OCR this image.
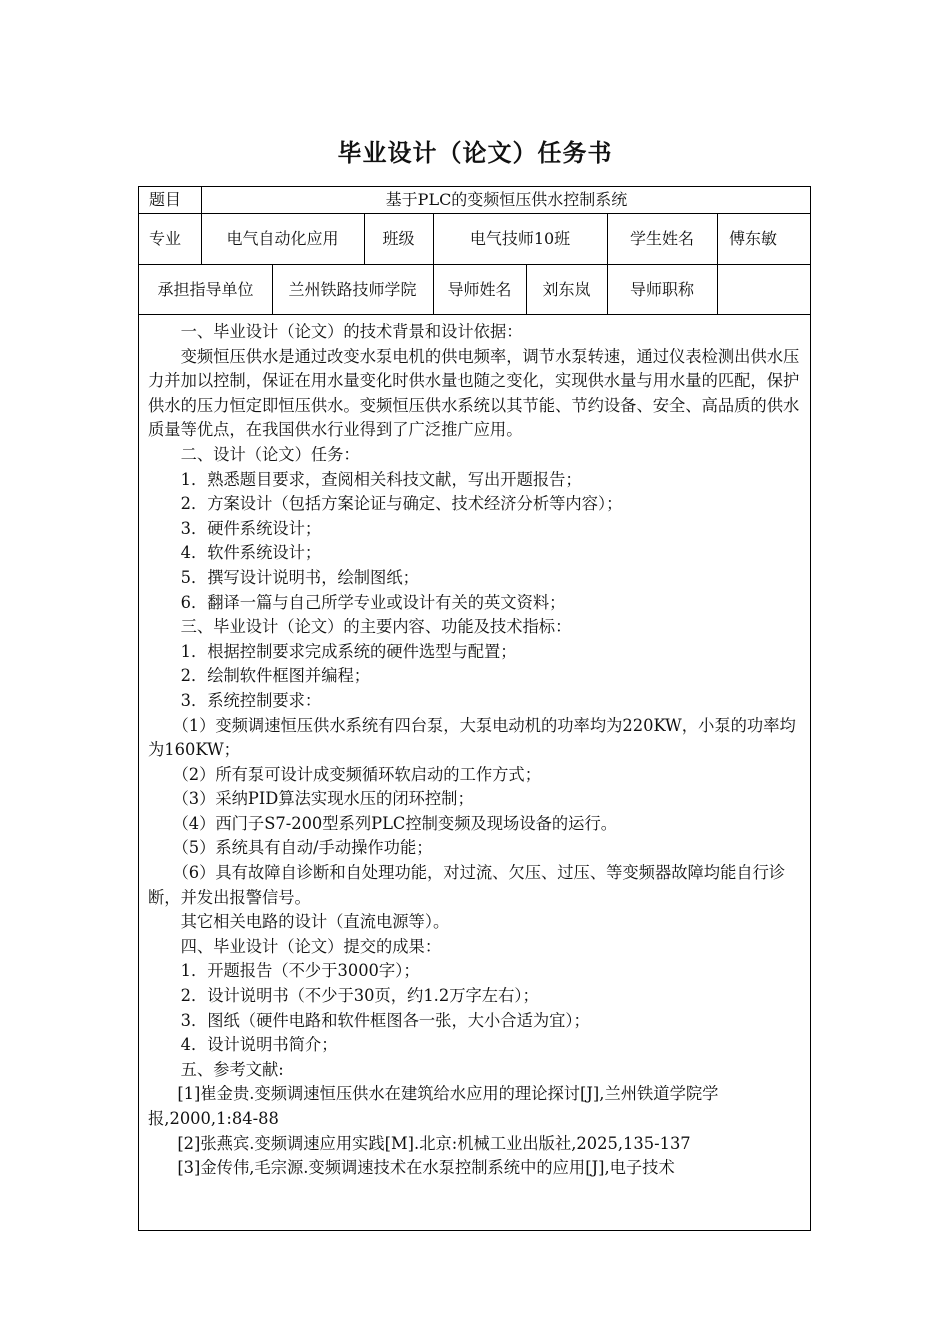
毕业设计（论文）任务书
题目	基于PLC的变频恒压供水控制系统
专业	电气自动化应用	班级	电气技师10班	学生姓名	傅东敏
承担指导单位	兰州铁路技师学院	导师姓名	刘东岚	导师职称

一、毕业设计（论文）的技术背景和设计依据：

变频恒压供水是通过改变水泵电机的供电频率，调节水泵转速，通过仪表检测出供水压力并加以控制，保证在用水量变化时供水量也随之变化，实现供水量与用水量的匹配，保护供水的压力恒定即恒压供水。变频恒压供水系统以其节能、节约设备、安全、高品质的供水质量等优点，在我国供水行业得到了广泛推广应用。

二、设计（论文）任务：

1．熟悉题目要求，查阅相关科技文献，写出开题报告；

2．方案设计（包括方案论证与确定、技术经济分析等内容）；

3．硬件系统设计；

4．软件系统设计；

5．撰写设计说明书，绘制图纸；

6．翻译一篇与自己所学专业或设计有关的英文资料；

三、毕业设计（论文）的主要内容、功能及技术指标：

1．根据控制要求完成系统的硬件选型与配置；

2．绘制软件框图并编程；

3．系统控制要求：

（1）变频调速恒压供水系统有四台泵，大泵电动机的功率均为220KW，小泵的功率均为160KW；

（2）所有泵可设计成变频循环软启动的工作方式；

（3）采纳PID算法实现水压的闭环控制；

（4）西门子S7-200型系列PLC控制变频及现场设备的运行。

（5）系统具有自动/手动操作功能；

（6）具有故障自诊断和自处理功能，对过流、欠压、过压、等变频器故障均能自行诊断，并发出报警信号。

其它相关电路的设计（直流电源等）。

四、毕业设计（论文）提交的成果：

1．开题报告（不少于3000字）；

2．设计说明书（不少于30页，约1.2万字左右）；

3．图纸（硬件电路和软件框图各一张，大小合适为宜）；

4．设计说明书简介；

五、参考文献:

[1]崔金贵.变频调速恒压供水在建筑给水应用的理论探讨[J],兰州铁道学院学报,2000,1:84-88

[2]张燕宾.变频调速应用实践[M].北京:机械工业出版社,2025,135-137

[3]金传伟,毛宗源.变频调速技术在水泵控制系统中的应用[J],电子技术
